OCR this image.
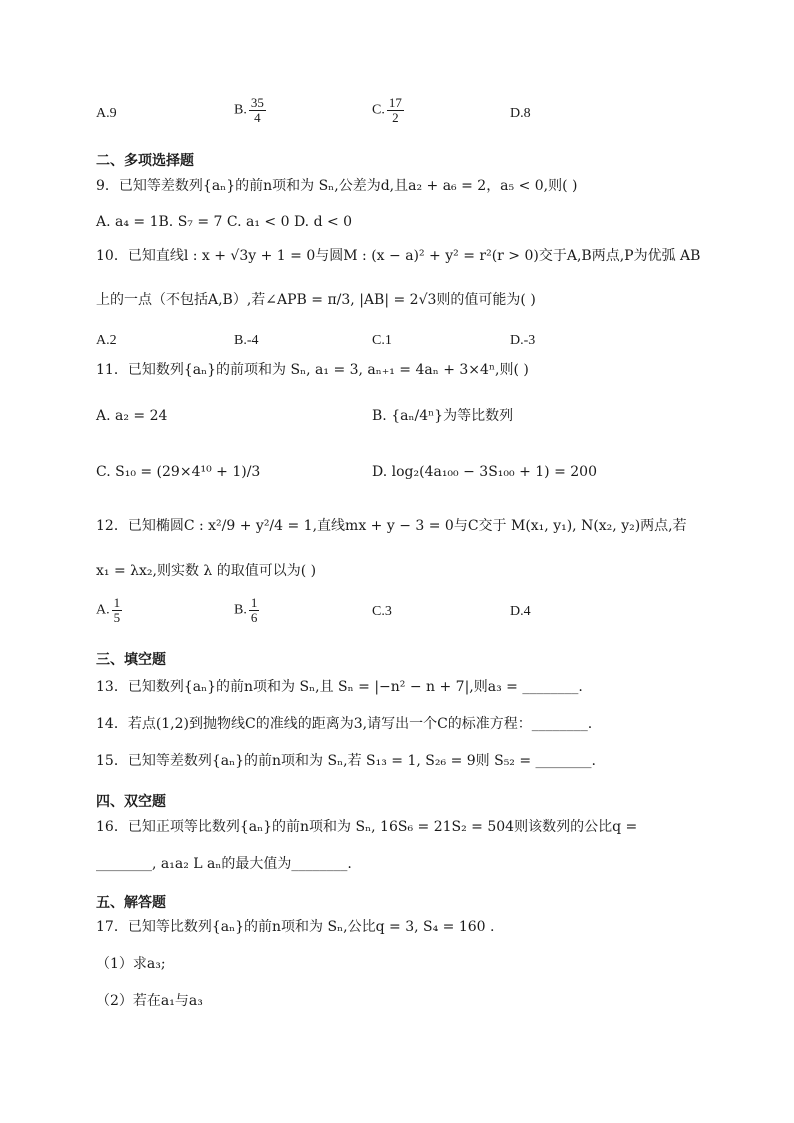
A.9	B. $\frac{35}{4}$	C. $\frac{17}{2}$	D.8
二、多项选择题
9．已知等差数列{aₙ}的前n项和为 Sₙ,公差为d,且a₂ + a₆ = 2，a₅ < 0,则( )
A. a₄ = 1B. S₇ = 7 C. a₁ < 0 D. d < 0
10．已知直线l : x + √3y + 1 = 0与圆M : (x − a)² + y² = r²(r > 0)交于A,B两点,P为优弧 AB
上的一点（不包括A,B）,若∠APB = π/3, |AB| = 2√3则的值可能为( )
A.2	B.-4	C.1	D.-3
11．已知数列{aₙ}的前项和为 Sₙ, a₁ = 3, aₙ₊₁ = 4aₙ + 3×4ⁿ,则( )
A. a₂ = 24	B. {aₙ/4ⁿ}为等比数列
C. S₁₀ = (29×4¹⁰ + 1)/3	D. log₂(4a₁₀₀ − 3S₁₀₀ + 1) = 200
12．已知椭圆C : x²/9 + y²/4 = 1,直线mx + y − 3 = 0与C交于 M(x₁, y₁), N(x₂, y₂)两点,若
x₁ = λx₂,则实数 λ 的取值可以为( )
A. $\frac{1}{5}$	B. $\frac{1}{6}$	C.3	D.4
三、填空题
13．已知数列{aₙ}的前n项和为 Sₙ,且 Sₙ = |−n² − n + 7|,则a₃ = ________.
14．若点(1,2)到抛物线C的准线的距离为3,请写出一个C的标准方程：________.
15．已知等差数列{aₙ}的前n项和为 Sₙ,若 S₁₃ = 1, S₂₆ = 9则 S₅₂ = ________.
四、双空题
16．已知正项等比数列{aₙ}的前n项和为 Sₙ, 16S₆ = 21S₂ = 504则该数列的公比q =
________, a₁a₂ L aₙ的最大值为________.
五、解答题
17．已知等比数列{aₙ}的前n项和为 Sₙ,公比q = 3, S₄ = 160 .
（1）求a₃;
（2）若在a₁与a₃
